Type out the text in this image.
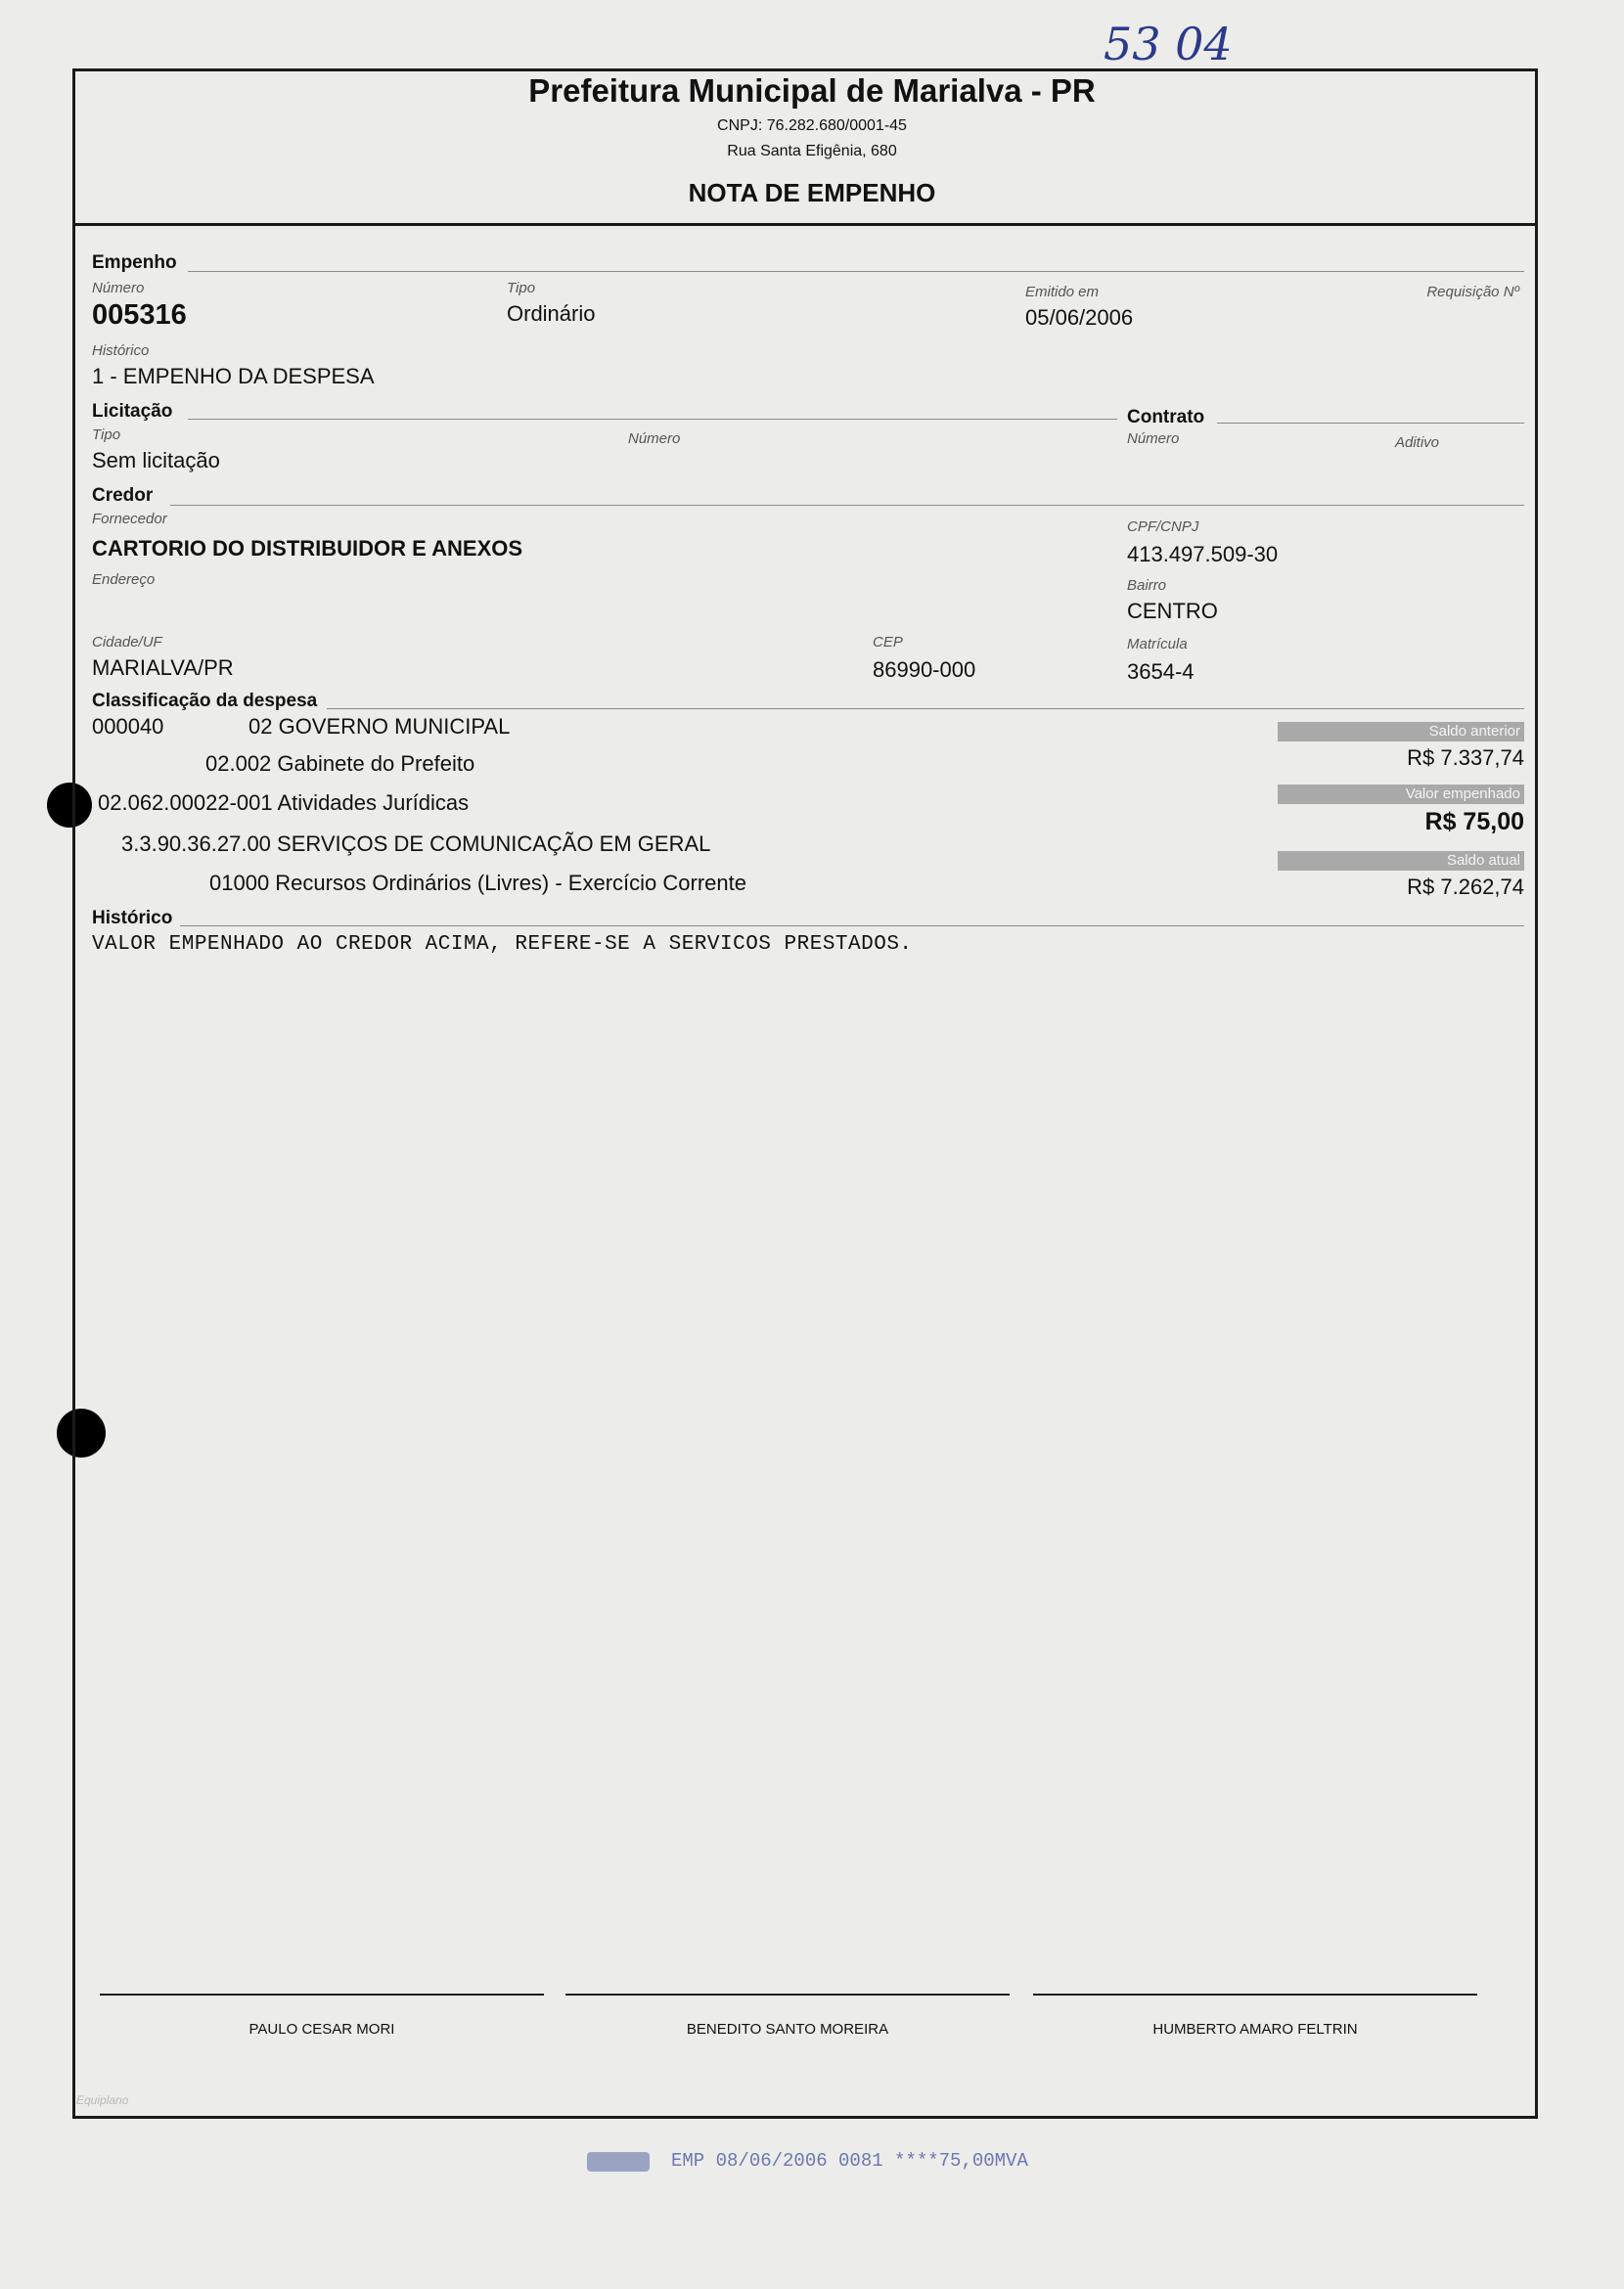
53 04
Prefeitura Municipal de Marialva - PR
CNPJ: 76.282.680/0001-45
Rua Santa Efigênia, 680
NOTA DE EMPENHO
Empenho
Número
005316
Tipo
Ordinário
Emitido em
05/06/2006
Requisição Nº
Histórico
1 - EMPENHO DA DESPESA
Licitação
Tipo
Sem licitação
Número
Contrato
Número	Aditivo
Credor
Fornecedor
CARTORIO DO DISTRIBUIDOR E ANEXOS
CPF/CNPJ
413.497.509-30
Endereço	Bairro
CENTRO
Cidade/UF
MARIALVA/PR
CEP
86990-000
Matrícula
3654-4
Classificação da despesa
000040	02 GOVERNO MUNICIPAL
02.002 Gabinete do Prefeito
02.062.00022-001 Atividades Jurídicas
3.3.90.36.27.00 SERVIÇOS DE COMUNICAÇÃO EM GERAL
01000 Recursos Ordinários (Livres) - Exercício Corrente
Saldo anterior
R$ 7.337,74
Valor empenhado
R$ 75,00
Saldo atual
R$ 7.262,74
Histórico
VALOR EMPENHADO AO CREDOR ACIMA, REFERE-SE A SERVICOS PRESTADOS.
PAULO CESAR MORI	BENEDITO SANTO MOREIRA	HUMBERTO AMARO FELTRIN
Equiplano
EMP 08/06/2006 0081 ****75,00MVA
